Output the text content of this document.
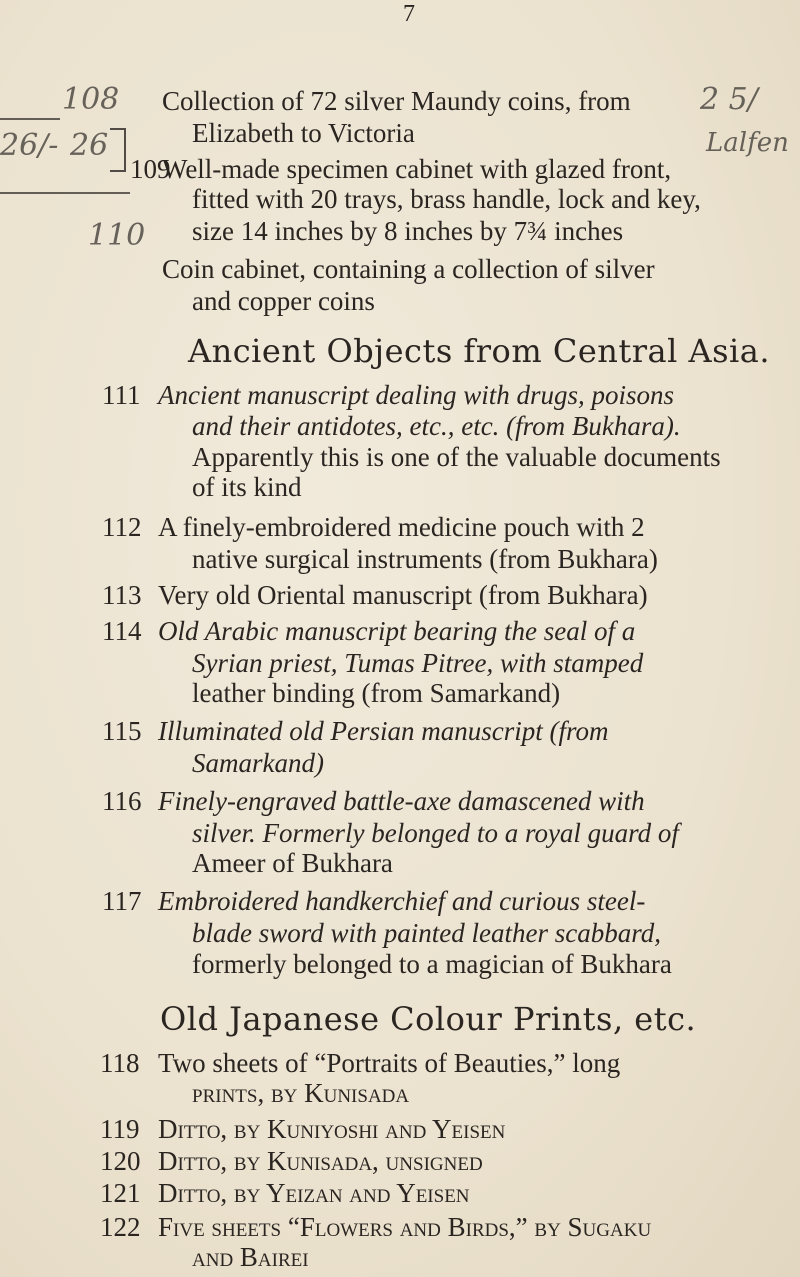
7
108
26/- 26
2 5/
Lalfen
110
Collection of 72 silver Maundy coins, from
Elizabeth to Victoria
109
Well-made specimen cabinet with glazed front,
fitted with 20 trays, brass handle, lock and key,
size 14 inches by 8 inches by 7¾ inches
Coin cabinet, containing a collection of silver
and copper coins
Ancient Objects from Central Asia.
111 Ancient manuscript dealing with drugs, poisons
and their antidotes, etc., etc. (from Bukhara).
Apparently this is one of the valuable documents
of its kind
112 A finely-embroidered medicine pouch with 2
native surgical instruments (from Bukhara)
113 Very old Oriental manuscript (from Bukhara)
114 Old Arabic manuscript bearing the seal of a
Syrian priest, Tumas Pitree, with stamped
leather binding (from Samarkand)
115 Illuminated old Persian manuscript (from
Samarkand)
116 Finely-engraved battle-axe damascened with
silver. Formerly belonged to a royal guard of
Ameer of Bukhara
117 Embroidered handkerchief and curious steel-
blade sword with painted leather scabbard,
formerly belonged to a magician of Bukhara
Old Japanese Colour Prints, etc.
118 Two sheets of “Portraits of Beauties,” long
prints, by Kunisada
119 Ditto, by Kuniyoshi and Yeisen
120 Ditto, by Kunisada, unsigned
121 Ditto, by Yeizan and Yeisen
122 Five sheets “Flowers and Birds,” by Sugaku
and Bairei
